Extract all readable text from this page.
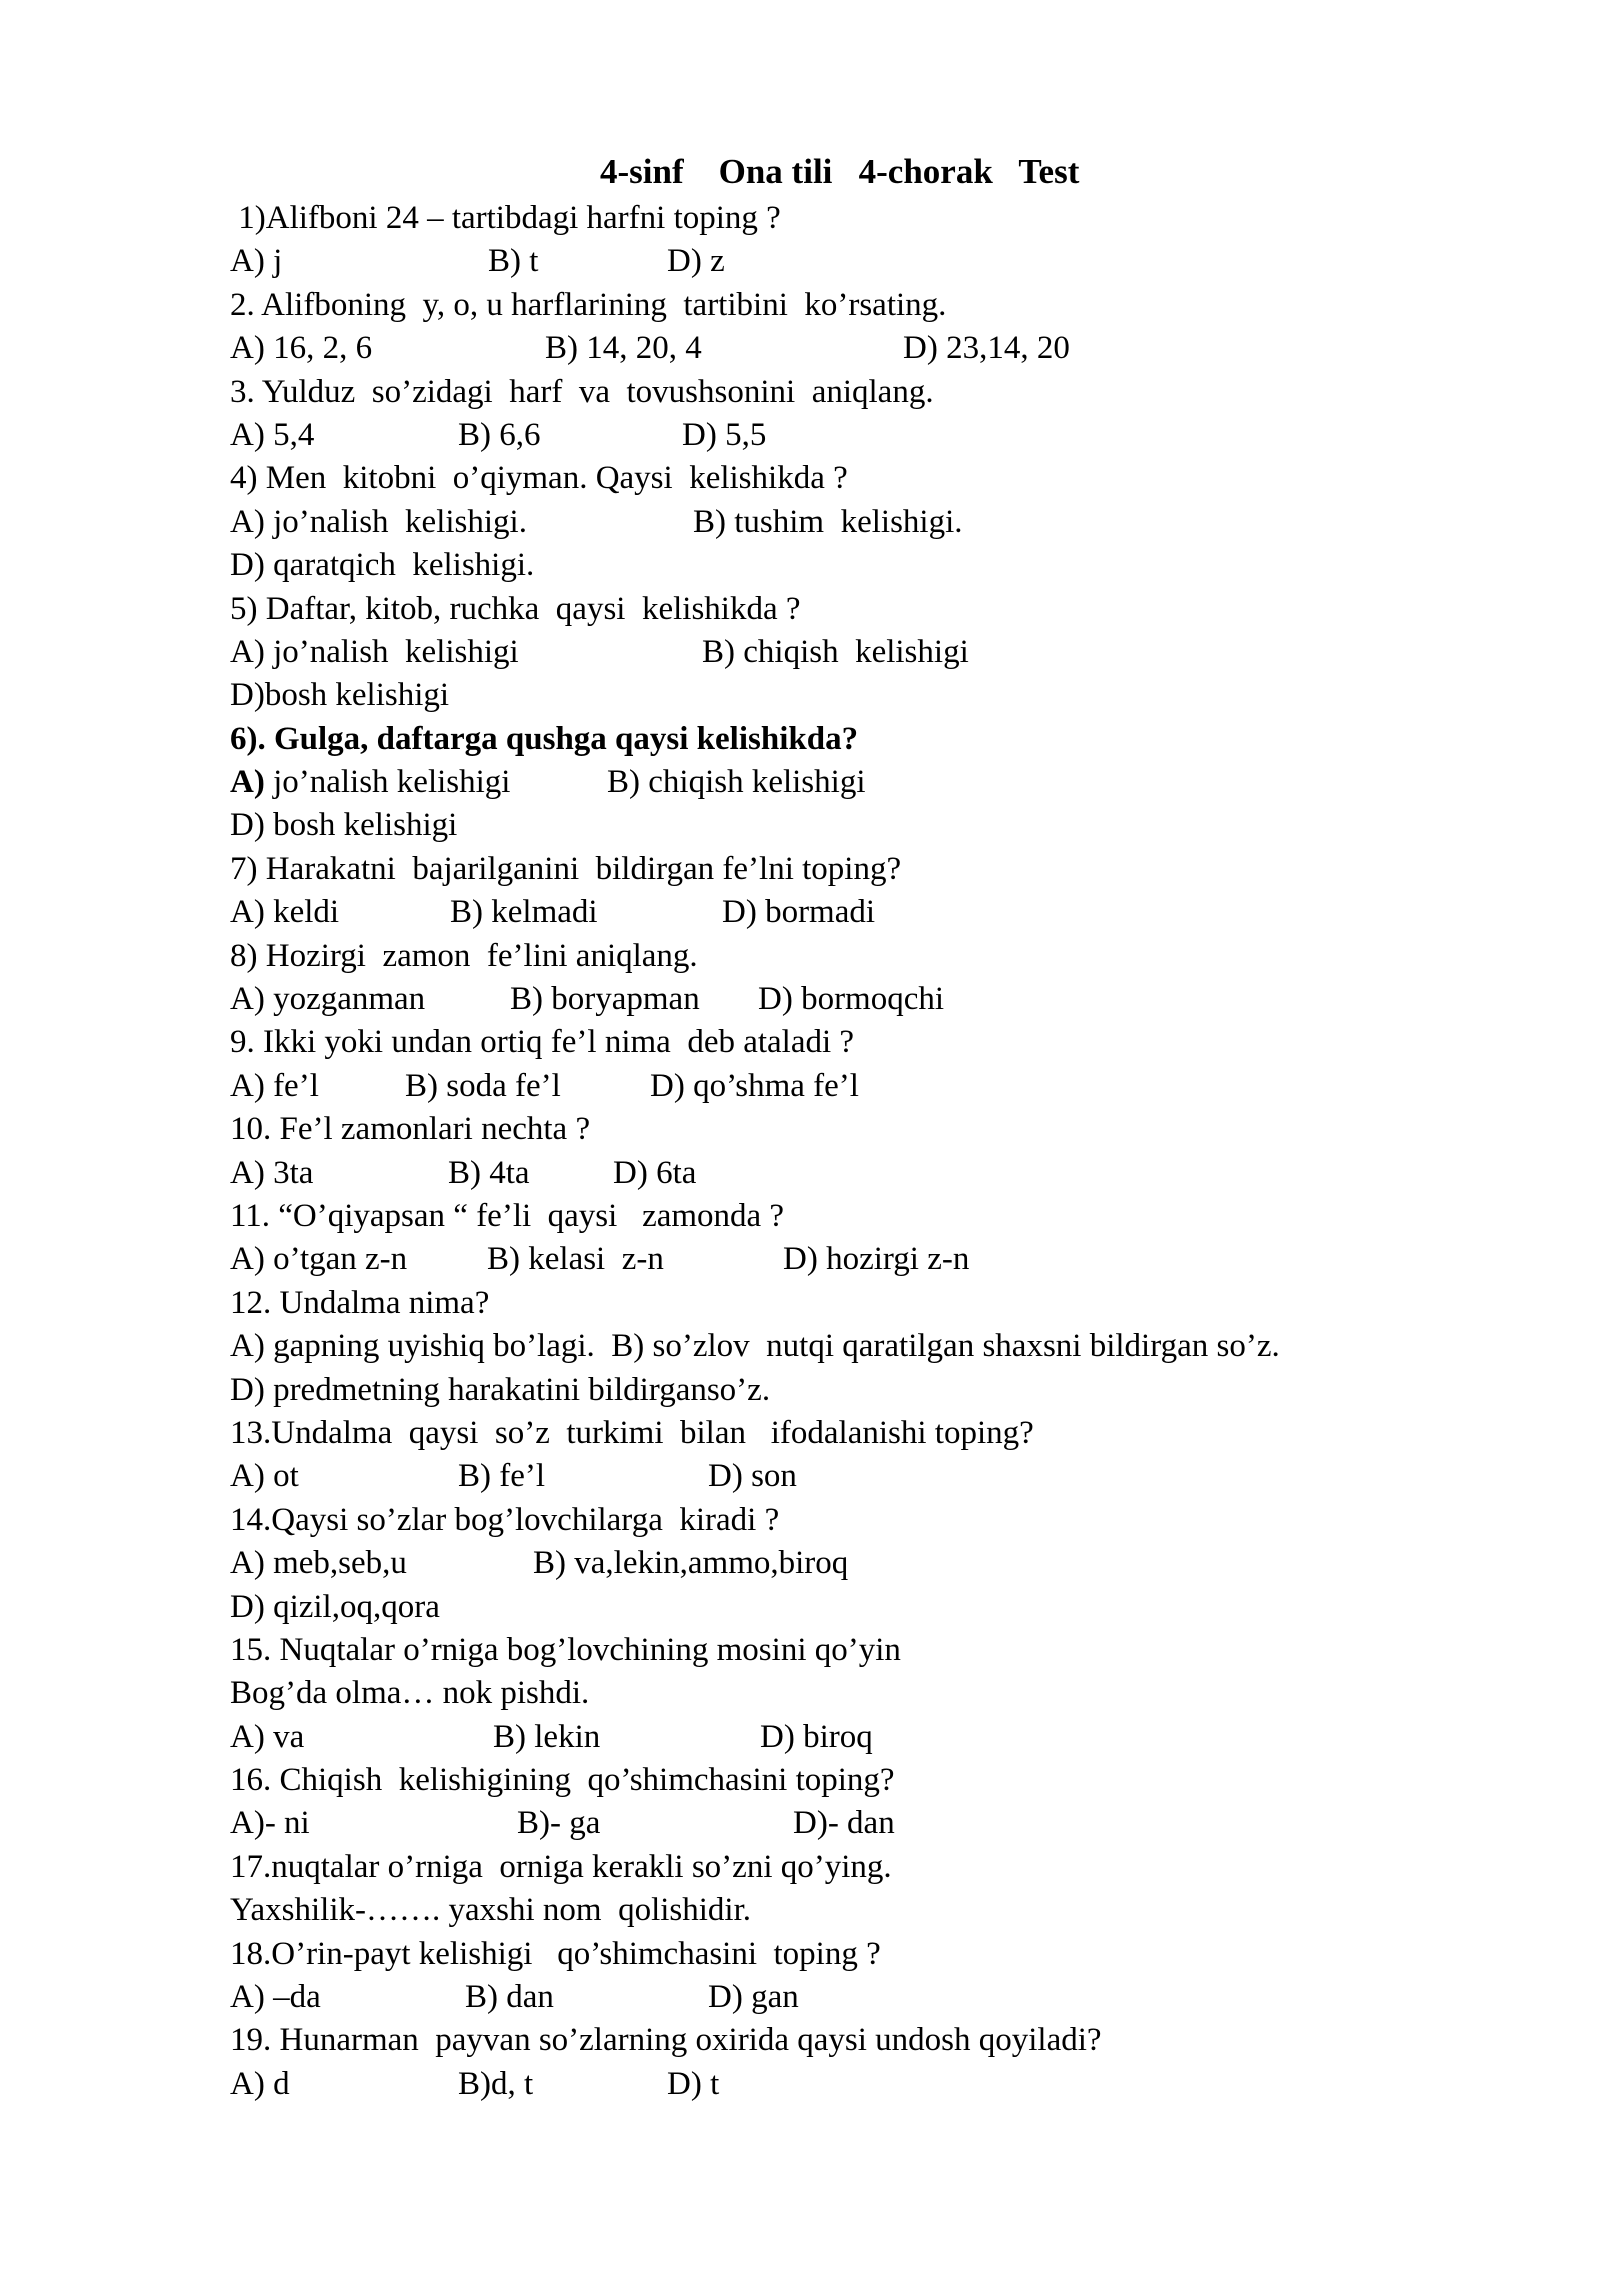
4-sinf    Ona tili   4-chorak   Test
1)Alifboni 24 – tartibdagi harfni toping ?

A) j

	B) t

	D) z

2. Alifboning  y, o, u harflarining  tartibini  ko’rsating.

A) 16, 2, 6

	B) 14, 20, 4

	D) 23,14, 20

3. Yulduz  so’zidagi  harf  va  tovushsonini  aniqlang.

A) 5,4

	B) 6,6

	D) 5,5

4) Men  kitobni  o’qiyman. Qaysi  kelishikda ?

A) jo’nalish  kelishigi.

	B) tushim  kelishigi.

D) qaratqich  kelishigi.
5) Daftar, kitob, ruchka  qaysi  kelishikda ?

A) jo’nalish  kelishigi

	B) chiqish  kelishigi

D)bosh kelishigi
6). Gulga, daftarga qushga qaysi kelishikda?

A) jo’nalish kelishigi

	B) chiqish kelishigi

D) bosh kelishigi
7) Harakatni  bajarilganini  bildirgan fe’lni toping?

A) keldi

	B) kelmadi

	D) bormadi

8) Hozirgi  zamon  fe’lini aniqlang.

A) yozganman

	B) boryapman

D) bormoqchi

9. Ikki yoki undan ortiq fe’l nima  deb ataladi ?

A) fe’l

	B) soda fe’l

	D) qo’shma fe’l

10. Fe’l zamonlari nechta ?

A) 3ta

	B) 4ta

	D) 6ta

11. “O’qiyapsan “ fe’li  qaysi   zamonda ?

A) o’tgan z-n

B) kelasi  z-n

	D) hozirgi z-n

12. Undalma nima?
A) gapning uyishiq bo’lagi.  B) so’zlov  nutqi qaratilgan shaxsni bildirgan so’z.
D) predmetning harakatini bildirganso’z.
13.Undalma  qaysi  so’z  turkimi  bilan   ifodalanishi toping?

A) ot

	B) fe’l

	D) son

14.Qaysi so’zlar bog’lovchilarga  kiradi ?

A) meb,seb,u

	B) va,lekin,ammo,biroq

D) qizil,oq,qora
15. Nuqtalar o’rniga bog’lovchining mosini qo’yin
Bog’da olma… nok pishdi.

A) va

	B) lekin

	D) biroq

16. Chiqish  kelishigining  qo’shimchasini toping?

A)- ni

	B)- ga

	D)- dan

17.nuqtalar o’rniga  orniga kerakli so’zni qo’ying.
Yaxshilik-……. yaxshi nom  qolishidir.
18.O’rin-payt kelishigi   qo’shimchasini  toping ?

A) –da

	B) dan

	D) gan

19. Hunarman  payvan so’zlarning oxirida qaysi undosh qoyiladi?

A) d

	B)d, t

	D) t
